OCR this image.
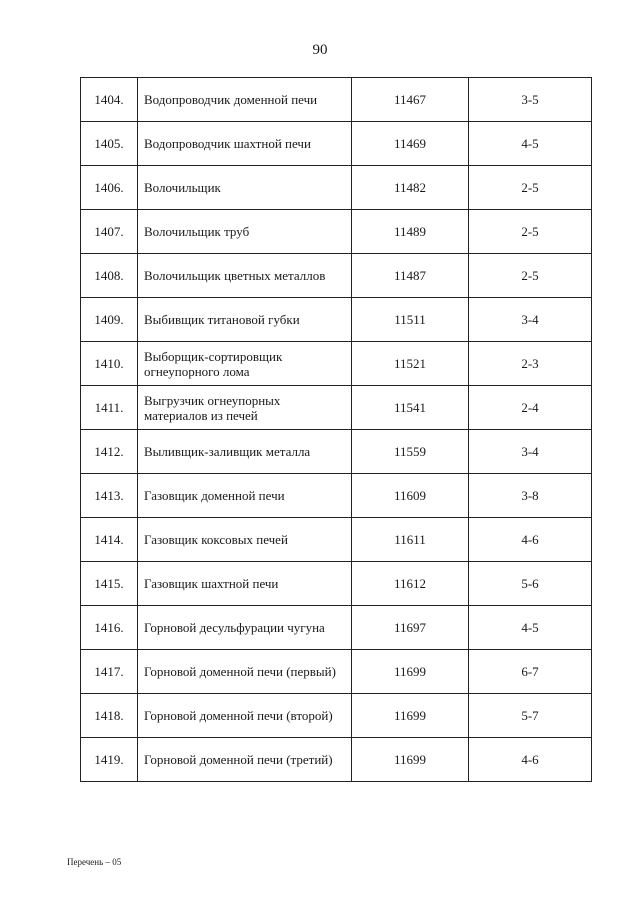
90
1404.	Водопроводчик доменной печи	11467	3-5
1405.	Водопроводчик шахтной печи	11469	4-5
1406.	Волочильщик	11482	2-5
1407.	Волочильщик труб	11489	2-5
1408.	Волочильщик цветных металлов	11487	2-5
1409.	Выбивщик титановой губки	11511	3-4
1410.	Выборщик-сортировщик огнеупорного лома	11521	2-3
1411.	Выгрузчик огнеупорных материалов из печей	11541	2-4
1412.	Выливщик-заливщик металла	11559	3-4
1413.	Газовщик доменной печи	11609	3-8
1414.	Газовщик коксовых печей	11611	4-6
1415.	Газовщик шахтной печи	11612	5-6
1416.	Горновой десульфурации чугуна	11697	4-5
1417.	Горновой доменной печи (первый)	11699	6-7
1418.	Горновой доменной печи (второй)	11699	5-7
1419.	Горновой доменной печи (третий)	11699	4-6
Перечень – 05
